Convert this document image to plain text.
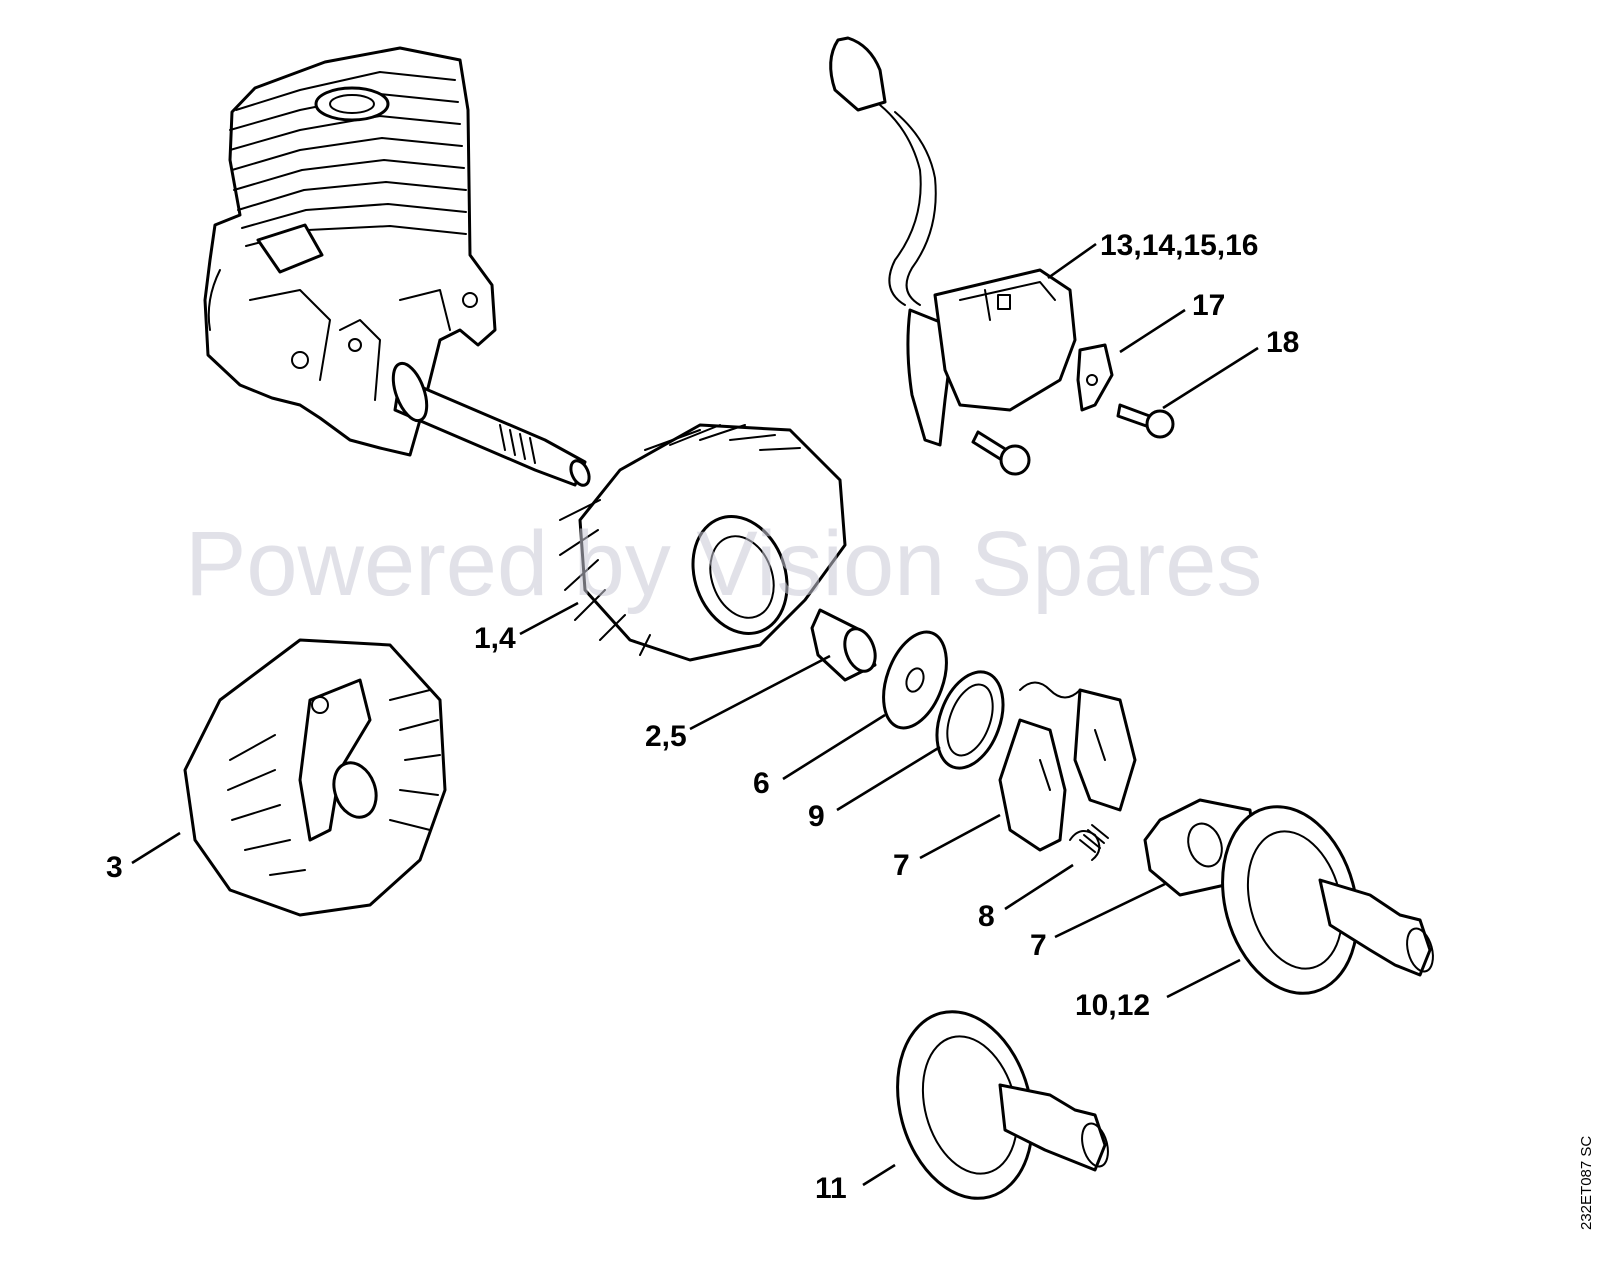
13,14,15,16
17
18
1,4
2,5
6
9
7
3
8
7
10,12
11
Powered by Vision Spares
232ET087 SC
